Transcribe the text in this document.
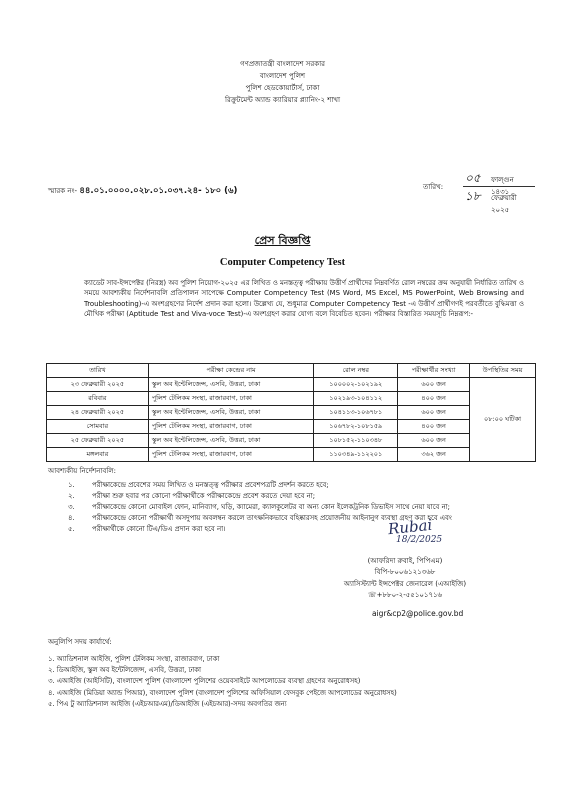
গণপ্রজাতন্ত্রী বাংলাদেশ সরকার
বাংলাদেশ পুলিশ
পুলিশ হেডকোয়ার্টার্স, ঢাকা
রিক্রুটমেন্ট অ্যান্ড ক্যারিয়ার প্ল্যানিং-২ শাখা
স্মারক নং- ৪৪.০১.০০০০.০২৮.০১.০৩৭.২৪- ১৮০ (৬)	তারিখ:
০৫ ফাল্গুন ১৪৩১
১৮ ফেব্রুয়ারী ২০২৫
প্রেস বিজ্ঞপ্তি
Computer Competency Test
ক্যাডেট সাব-ইন্সপেক্টর (নিরস্ত্র) অব পুলিশ নিয়োগ-২০২৫ এর লিখিত ও মনস্তত্ত্ব পরীক্ষায় উত্তীর্ণ প্রার্থীদের নিম্নবর্ণিত রোল নম্বরের ক্রম অনুযায়ী নির্ধারিত তারিখ ও সময়ে আবশ্যকীয় নির্দেশনাবলি প্রতিপালন সাপেক্ষে Computer Competency Test (MS Word, MS Excel, MS PowerPoint, Web Browsing and Troubleshooting)-এ অংশগ্রহণের নির্দেশ প্রদান করা হলো। উল্লেখ্য যে, শুধুমাত্র Computer Competency Test -এ উত্তীর্ণ প্রার্থীগণই পরবর্তীতে বুদ্ধিমত্তা ও মৌখিক পরীক্ষা (Aptitude Test and Viva-voce Test)-এ অংশগ্রহণ করার যোগ্য বলে বিবেচিত হবেন। পরীক্ষার বিস্তারিত সময়সূচি নিম্নরূপ:-
তারিখ	পরীক্ষা কেন্দ্রের নাম	রোল নম্বর	পরীক্ষার্থীর সংখ্যা	উপস্থিতির সময়
২৩ ফেব্রুয়ারী ২০২৫	স্কুল অব ইন্টেলিজেন্স, এসবি, উত্তরা, ঢাকা	১০০০০২-১০২১৯২	৬০০ জন	০৮:০০ ঘটিকা
রবিবার	পুলিশ টেলিকম সংস্থা, রাজারবাগ, ঢাকা	১০২১৯৩-১০৪১১২	৪০০ জন	
২৪ ফেব্রুয়ারী ২০২৫	স্কুল অব ইন্টেলিজেন্স, এসবি, উত্তরা, ঢাকা	১০৪১১৩-১০৬৭৮১	৬০০ জন	
সোমবার	পুলিশ টেলিকম সংস্থা, রাজারবাগ, ঢাকা	১০৬৭৮২-১০৮১৫৯	৪০০ জন	
২৫ ফেব্রুয়ারী ২০২৫	স্কুল অব ইন্টেলিজেন্স, এসবি, উত্তরা, ঢাকা	১০৮১৫২-১১০৩৪৮	৬০০ জন	
মঙ্গলবার	পুলিশ টেলিকম সংস্থা, রাজারবাগ, ঢাকা	১১০৩৪৯-১১২২০১	৩৬২ জন	
আবশ্যকীয় নির্দেশনাবলি:
১.	পরীক্ষাকেন্দ্রে প্রবেশের সময় লিখিত ও মনস্তত্ত্ব পরীক্ষার প্রবেশপত্রটি প্রদর্শন করতে হবে;
২.	পরীক্ষা শুরু হবার পর কোনো পরীক্ষার্থীকে পরীক্ষাকেন্দ্রে প্রবেশ করতে দেয়া হবে না;
৩.	পরীক্ষাকেন্দ্রে কোনো মোবাইল ফোন, মানিব্যাগ, ঘড়ি, ক্যামেরা, ক্যালকুলেটর বা অন্য কোন ইলেকট্রনিক ডিভাইস সাথে নেয়া যাবে না;
৪.	পরীক্ষাকেন্দ্রে কোনো পরীক্ষার্থী অসদুপায় অবলম্বন করলে তাৎক্ষনিকভাবে বহিষ্কারসহ প্রয়োজনীয় আইনানুগ ব্যবস্থা গ্রহণ করা হবে এবং
৫.	পরীক্ষার্থীকে কোনো টিএ/ডিএ প্রদান করা হবে না।	Rubai
18/2/2025
(আফরিদা রুবাই, পিপিএম)
বিপি-৮০০৬১২১৩৬৮
অ্যাসিস্ট্যান্ট ইন্সপেক্টর জেনারেল (এআইজি)
☏+৮৮০-২-৫৫১০১৭১৬
aigr&cp2@police.gov.bd
অনুলিপি সদয় কার্যার্থে:
১. অ্যাডিশনাল আইজি, পুলিশ টেলিকম সংস্থা, রাজারবাগ, ঢাকা
২. ডিআইজি, স্কুল অব ইন্টেলিজেন্স, এসবি, উত্তরা, ঢাকা
৩. এআইজি (আইসিটি), বাংলাদেশ পুলিশ (বাংলাদেশ পুলিশের ওয়েবসাইটে আপলোডের ব্যবস্থা গ্রহণের অনুরোধসহ)
৪. এআইজি (মিডিয়া অ্যান্ড পিআর), বাংলাদেশ পুলিশ (বাংলাদেশ পুলিশের অফিসিয়াল ফেসবুক পেইজে আপলোডের অনুরোধসহ)
৫. পিএ টু অ্যাডিশনাল আইজি (এইচআরএম)/ডিআইজি (এইচআর)-সদয় অবগতির জন্য
